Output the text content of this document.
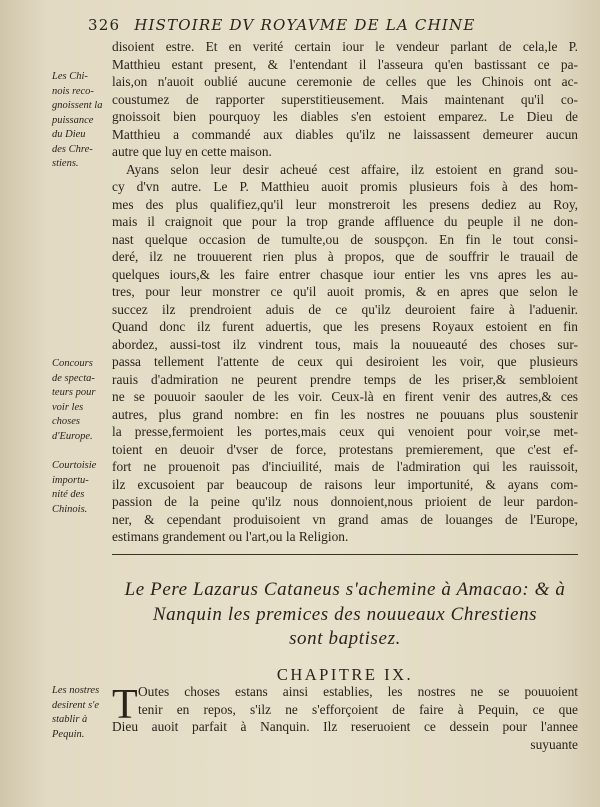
326 HISTOIRE DV ROYAVME DE LA CHINE
Les Chi-
nois reco-
gnoissent la
puissance
du Dieu
des Chre-
stiens.
Concours
de specta-
teurs pour
voir les
choses
d'Europe.
Courtoisie
importu-
nité des
Chinois.
disoient estre. Et en verité certain iour le vendeur parlant de cela,le P.
Matthieu estant present, & l'entendant il l'asseura qu'en bastissant ce pa-
lais,on n'auoit oublié aucune ceremonie de celles que les Chinois ont ac-
coustumez de rapporter superstitieusement. Mais maintenant qu'il co-
gnoissoit bien pourquoy les diables s'en estoient emparez. Le Dieu de
Matthieu a commandé aux diables qu'ilz ne laissassent demeurer aucun
autre que luy en cette maison.
Ayans selon leur desir acheué cest affaire, ilz estoient en grand sou-
cy d'vn autre. Le P. Matthieu auoit promis plusieurs fois à des hom-
mes des plus qualifiez,qu'il leur monstreroit les presens dediez au Roy,
mais il craignoit que pour la trop grande affluence du peuple il ne don-
nast quelque occasion de tumulte,ou de souspçon. En fin le tout consi-
deré, ilz ne trouuerent rien plus à propos, que de souffrir le trauail de
quelques iours,& les faire entrer chasque iour entier les vns apres les au-
tres, pour leur monstrer ce qu'il auoit promis, & en apres que selon le
succez ilz prendroient aduis de ce qu'ilz deuroient faire à l'aduenir.
Quand donc ilz furent aduertis, que les presens Royaux estoient en fin
abordez, aussi-tost ilz vindrent tous, mais la nouueauté des choses sur-
passa tellement l'attente de ceux qui desiroient les voir, que plusieurs
rauis d'admiration ne peurent prendre temps de les priser,& sembloient
ne se pouuoir saouler de les voir. Ceux-là en firent venir des autres,& ces
autres, plus grand nombre: en fin les nostres ne pouuans plus soustenir
la presse,fermoient les portes,mais ceux qui venoient pour voir,se met-
toient en deuoir d'vser de force, protestans premierement, que c'est ef-
fort ne prouenoit pas d'inciuilité, mais de l'admiration qui les rauissoit,
ilz excusoient par beaucoup de raisons leur importunité, & ayans com-
passion de la peine qu'ilz nous donnoient,nous prioient de leur pardon-
ner, & cependant produisoient vn grand amas de louanges de l'Europe,
estimans grandement ou l'art,ou la Religion.
Le Pere Lazarus Cataneus s'achemine à Amacao: & à
Nanquin les premices des nouueaux Chrestiens
sont baptisez.
CHAPITRE IX.
Les nostres
desirent s'e
stablir à
Pequin.
T Outes choses estans ainsi establies, les nostres ne se pouuoient
tenir en repos, s'ilz ne s'efforçoient de faire à Pequin, ce que
Dieu auoit parfait à Nanquin. Ilz reseruoient ce dessein pour l'annee
suyuante
